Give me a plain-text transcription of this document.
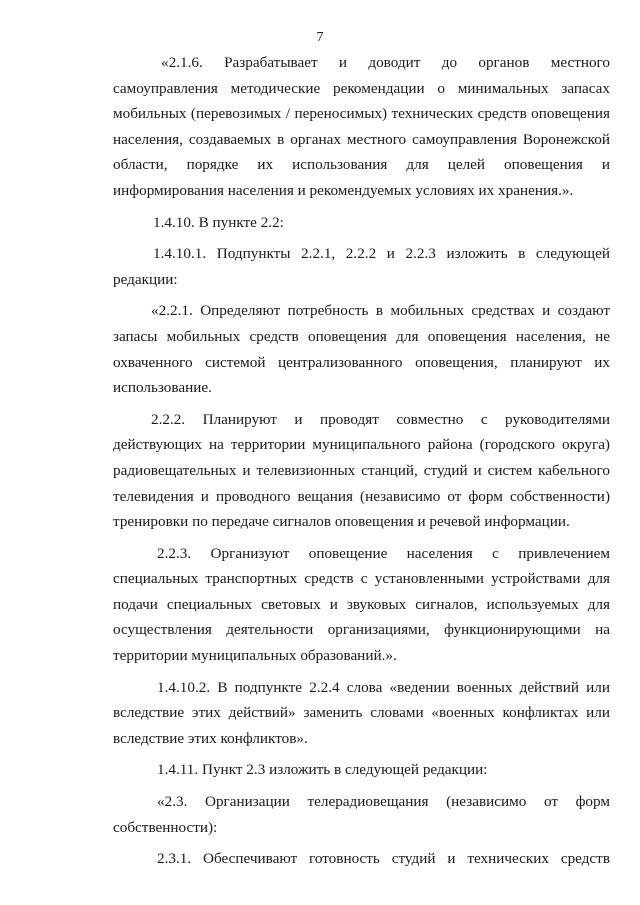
7

«2.1.6. Разрабатывает и доводит до органов местного самоуправления методические рекомендации о минимальных запасах мобильных (перевозимых / переносимых) технических средств оповещения населения, создаваемых в органах местного самоуправления Воронежской области, порядке их использования для целей оповещения и информирования населения и рекомендуемых условиях их хранения.».

1.4.10. В пункте 2.2:

1.4.10.1. Подпункты 2.2.1, 2.2.2 и 2.2.3 изложить в следующей редакции:

«2.2.1. Определяют потребность в мобильных средствах и создают запасы мобильных средств оповещения для оповещения населения, не охваченного системой централизованного оповещения, планируют их использование.

2.2.2. Планируют и проводят совместно с руководителями действующих на территории муниципального района (городского округа) радиовещательных и телевизионных станций, студий и систем кабельного телевидения и проводного вещания (независимо от форм собственности) тренировки по передаче сигналов оповещения и речевой информации.

2.2.3. Организуют оповещение населения с привлечением специальных транспортных средств с установленными устройствами для подачи специальных световых и звуковых сигналов, используемых для осуществления деятельности организациями, функционирующими на территории муниципальных образований.».

1.4.10.2. В подпункте 2.2.4 слова «ведении военных действий или вследствие этих действий» заменить словами «военных конфликтах или вследствие этих конфликтов».

1.4.11. Пункт 2.3 изложить в следующей редакции:

«2.3. Организации телерадиовещания (независимо от форм собственности):

2.3.1. Обеспечивают готовность студий и технических средств
